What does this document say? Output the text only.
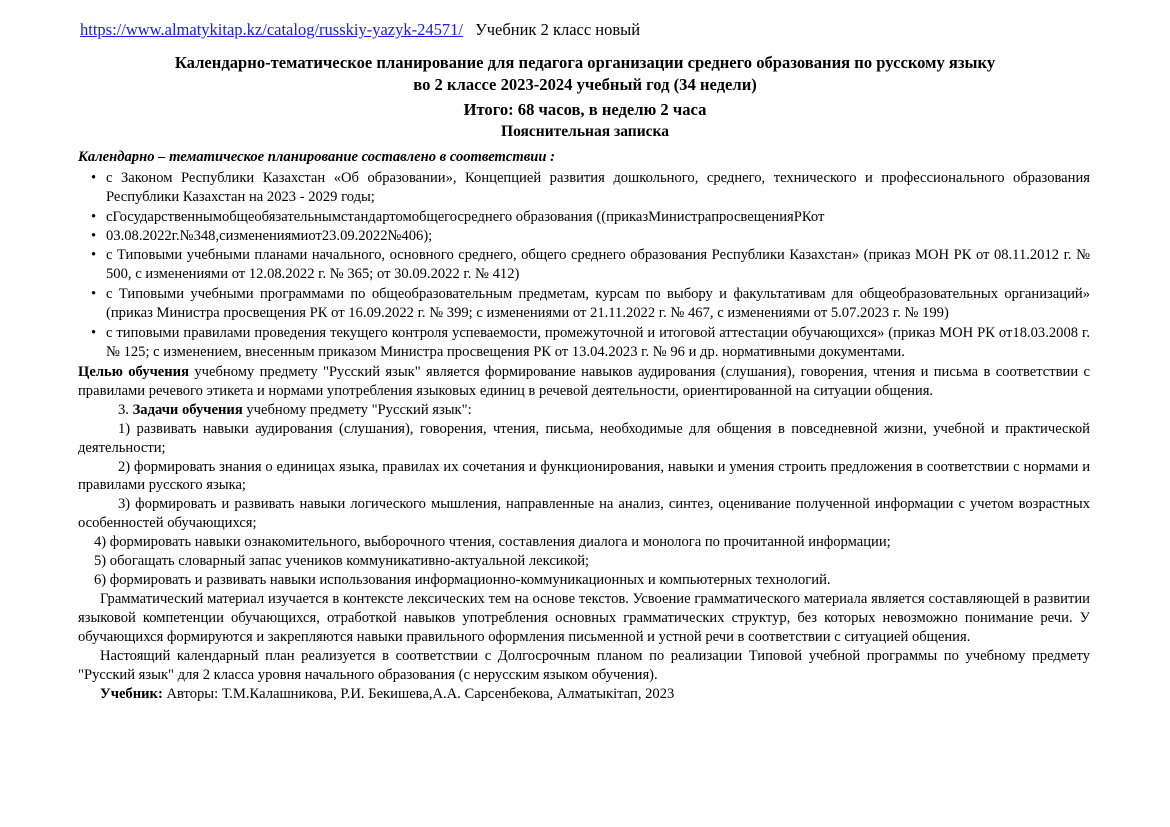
https://www.almatykitap.kz/catalog/russkiy-yazyk-24571/ Учебник 2 класс новый
Календарно-тематическое планирование для педагога организации среднего образования по русскому языку
во 2 классе 2023-2024 учебный год (34 недели)
Итого: 68 часов, в неделю 2 часа
Пояснительная записка

Календарно – тематическое планирование составлено в соответствии :

• с Законом Республики Казахстан «Об образовании», Концепцией развития дошкольного, среднего, технического и профессионального образования Республики Казахстан на 2023 - 2029 годы;
• сГосударственнымобщеобязательнымстандартомобщегосреднего образования ((приказМинистрапросвещенияРКот
• 03.08.2022г.№348,сизменениямиот23.09.2022№406);
• с Типовыми учебными планами начального, основного среднего, общего среднего образования Республики Казахстан» (приказ МОН РК от 08.11.2012 г. № 500, с изменениями от 12.08.2022 г. № 365; от 30.09.2022 г. № 412)
• с Типовыми учебными программами по общеобразовательным предметам, курсам по выбору и факультативам для общеобразовательных организаций» (приказ Министра просвещения РК от 16.09.2022 г. № 399; с изменениями от 21.11.2022 г. № 467, с изменениями от 5.07.2023 г. № 199)
• с типовыми правилами проведения текущего контроля успеваемости, промежуточной и итоговой аттестации обучающихся» (приказ МОН РК от18.03.2008 г. № 125; с изменением, внесенным приказом Министра просвещения РК от 13.04.2023 г. № 96 и др. нормативными документами.

Целью обучения учебному предмету "Русский язык" является формирование навыков аудирования (слушания), говорения, чтения и письма в соответствии с правилами речевого этикета и нормами употребления языковых единиц в речевой деятельности, ориентированной на ситуации общения.

3. Задачи обучения учебному предмету "Русский язык":

1) развивать навыки аудирования (слушания), говорения, чтения, письма, необходимые для общения в повседневной жизни, учебной и практической деятельности;

2) формировать знания о единицах языка, правилах их сочетания и функционирования, навыки и умения строить предложения в соответствии с нормами и правилами русского языка;

3) формировать и развивать навыки логического мышления, направленные на анализ, синтез, оценивание полученной информации с учетом возрастных особенностей обучающихся;

4) формировать навыки ознакомительного, выборочного чтения, составления диалога и монолога по прочитанной информации;

5) обогащать словарный запас учеников коммуникативно-актуальной лексикой;

6) формировать и развивать навыки использования информационно-коммуникационных и компьютерных технологий.

Грамматический материал изучается в контексте лексических тем на основе текстов. Усвоение грамматического материала является составляющей в развитии языковой компетенции обучающихся, отработкой навыков употребления основных грамматических структур, без которых невозможно понимание речи. У обучающихся формируются и закрепляются навыки правильного оформления письменной и устной речи в соответствии с ситуацией общения.

Настоящий календарный план реализуется в соответствии с Долгосрочным планом по реализации Типовой учебной программы по учебному предмету "Русский язык" для 2 класса уровня начального образования (с нерусским языком обучения).

Учебник: Авторы: Т.М.Калашникова, Р.И. Бекишева,А.А. Сарсенбекова, Алматыкітап, 2023
